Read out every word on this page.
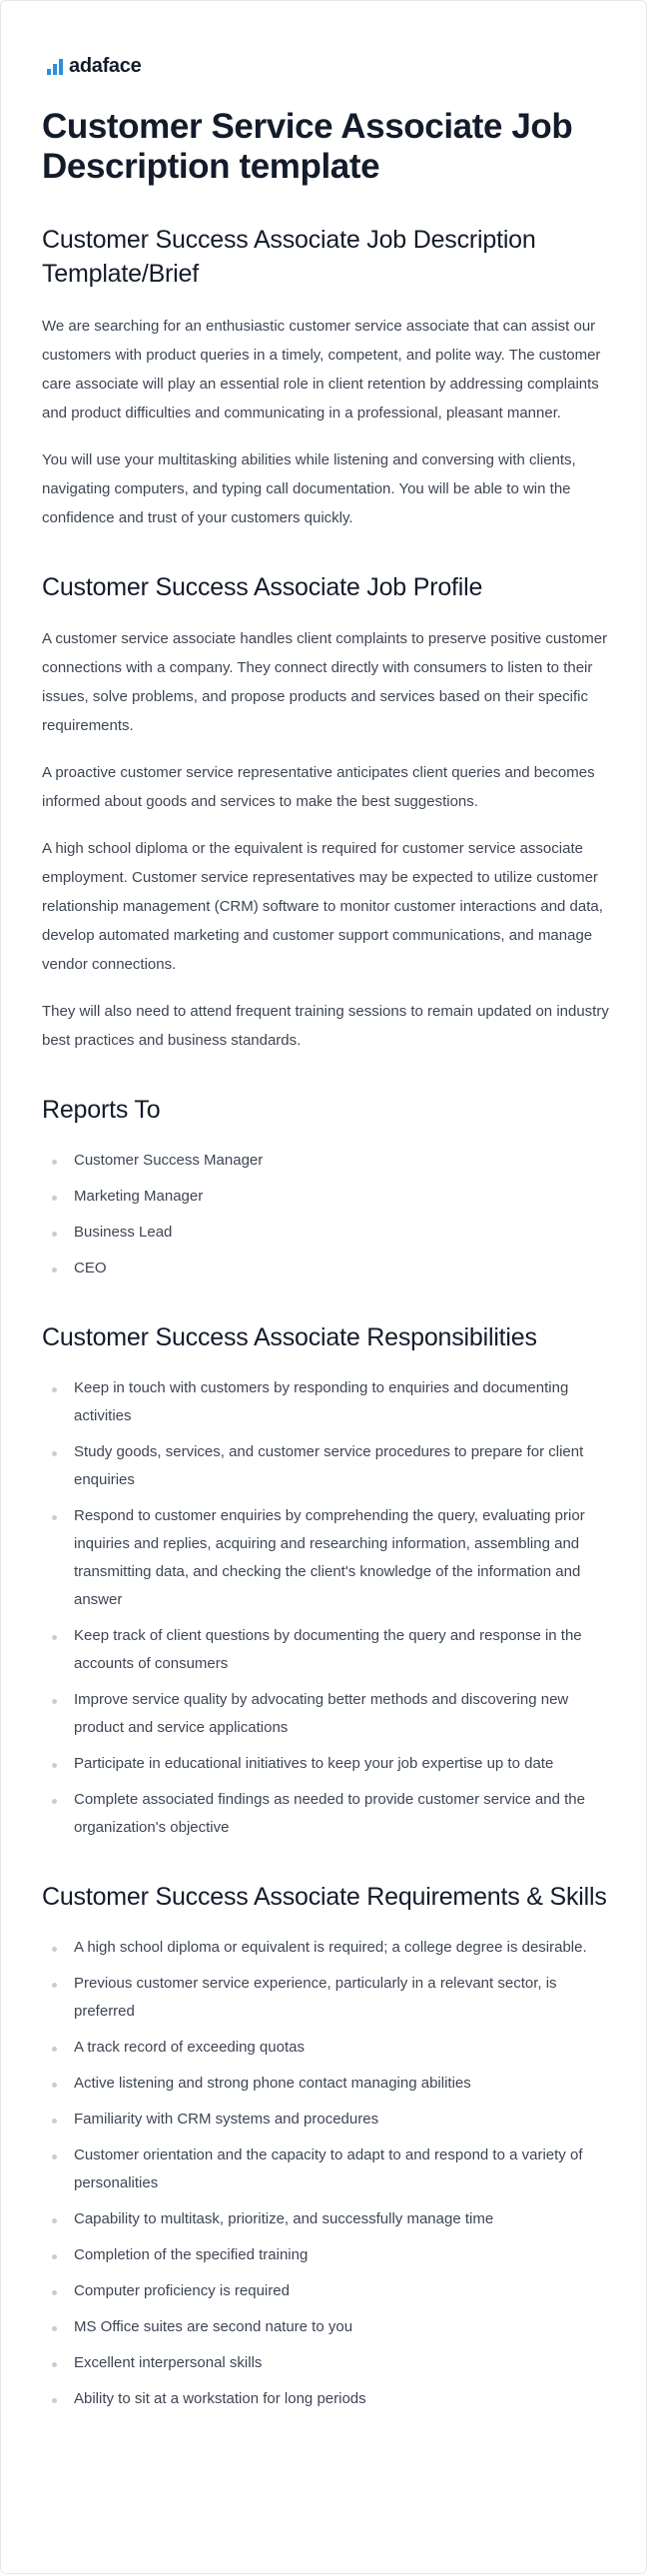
adaface
Customer Service Associate Job Description template
Customer Success Associate Job Description Template/Brief

We are searching for an enthusiastic customer service associate that can assist our customers with product queries in a timely, competent, and polite way. The customer care associate will play an essential role in client retention by addressing complaints and product difficulties and communicating in a professional, pleasant manner.

You will use your multitasking abilities while listening and conversing with clients, navigating computers, and typing call documentation. You will be able to win the confidence and trust of your customers quickly.

Customer Success Associate Job Profile

A customer service associate handles client complaints to preserve positive customer connections with a company. They connect directly with consumers to listen to their issues, solve problems, and propose products and services based on their specific requirements.

A proactive customer service representative anticipates client queries and becomes informed about goods and services to make the best suggestions.

A high school diploma or the equivalent is required for customer service associate employment. Customer service representatives may be expected to utilize customer relationship management (CRM) software to monitor customer interactions and data, develop automated marketing and customer support communications, and manage vendor connections.

They will also need to attend frequent training sessions to remain updated on industry best practices and business standards.

Reports To
Customer Success Manager
Marketing Manager
Business Lead
CEO
Customer Success Associate Responsibilities
Keep in touch with customers by responding to enquiries and documenting activities
Study goods, services, and customer service procedures to prepare for client enquiries
Respond to customer enquiries by comprehending the query, evaluating prior inquiries and replies, acquiring and researching information, assembling and transmitting data, and checking the client's knowledge of the information and answer
Keep track of client questions by documenting the query and response in the accounts of consumers
Improve service quality by advocating better methods and discovering new product and service applications
Participate in educational initiatives to keep your job expertise up to date
Complete associated findings as needed to provide customer service and the organization's objective
Customer Success Associate Requirements & Skills
A high school diploma or equivalent is required; a college degree is desirable.
Previous customer service experience, particularly in a relevant sector, is preferred
A track record of exceeding quotas
Active listening and strong phone contact managing abilities
Familiarity with CRM systems and procedures
Customer orientation and the capacity to adapt to and respond to a variety of personalities
Capability to multitask, prioritize, and successfully manage time
Completion of the specified training
Computer proficiency is required
MS Office suites are second nature to you
Excellent interpersonal skills
Ability to sit at a workstation for long periods
